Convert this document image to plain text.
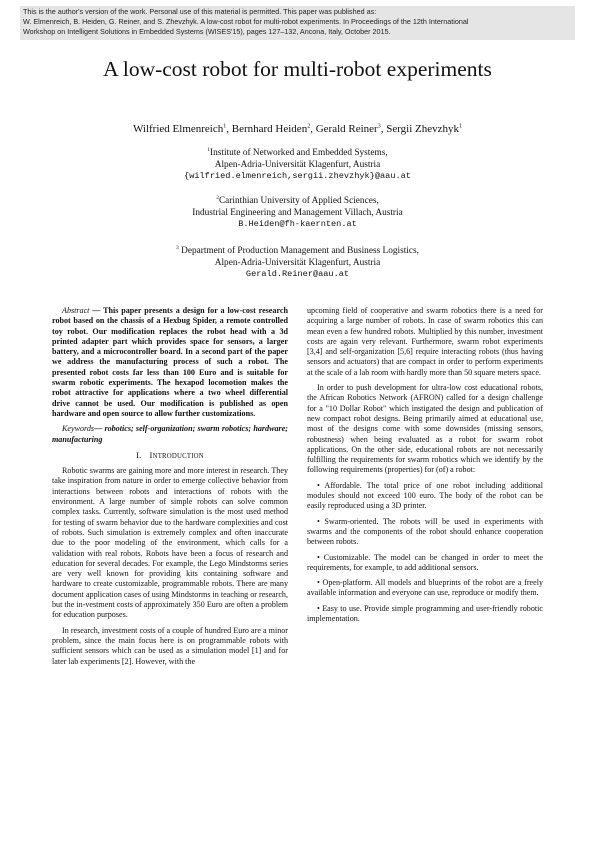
This is the author's version of the work. Personal use of this material is permitted. This paper was published as:
W. Elmenreich, B. Heiden, G. Reiner, and S. Zhevzhyk. A low-cost robot for multi-robot experiments. In Proceedings of the 12th International
Workshop on Intelligent Solutions in Embedded Systems (WISES'15), pages 127–132, Ancona, Italy, October 2015.
A low-cost robot for multi-robot experiments
Wilfried Elmenreich$^1$, Bernhard Heiden$^2$, Gerald Reiner$^3$, Sergii Zhevzhyk$^1$
$^1$Institute of Networked and Embedded Systems,
Alpen-Adria-Universität Klagenfurt, Austria
{wilfried.elmenreich,sergii.zhevzhyk}@aau.at
$^2$Carinthian University of Applied Sciences,
Industrial Engineering and Management Villach, Austria
B.Heiden@fh-kaernten.at
$^3$ Department of Production Management and Business Logistics,
Alpen-Adria-Universität Klagenfurt, Austria
Gerald.Reiner@aau.at

Abstract — This paper presents a design for a low-cost research robot based on the chassis of a Hexbug Spider, a remote controlled toy robot. Our modification replaces the robot head with a 3d printed adapter part which provides space for sensors, a larger battery, and a microcontroller board. In a second part of the paper we address the manufacturing process of such a robot. The presented robot costs far less than 100 Euro and is suitable for swarm robotic experiments. The hexapod locomotion makes the robot attractive for applications where a two wheel differential drive cannot be used. Our modification is published as open hardware and open source to allow further customizations.

Keywords— robotics; self-organization; swarm robotics; hardware; manufacturing

I. INTRODUCTION

Robotic swarms are gaining more and more interest in research. They take inspiration from nature in order to emerge collective behavior from interactions between robots and interactions of robots with the environment. A large number of simple robots can solve common complex tasks. Currently, software simulation is the most used method for testing of swarm behavior due to the hardware complexities and cost of robots. Such simulation is extremely complex and often inaccurate due to the poor modeling of the environment, which calls for a validation with real robots. Robots have been a focus of research and education for several decades. For example, the Lego Mindstorms series are very well known for providing kits containing software and hardware to create customizable, programmable robots. There are many document application cases of using Mindstorms in teaching or research, but the in-vestment costs of approximately 350 Euro are often a problem for education purposes.

In research, investment costs of a couple of hundred Euro are a minor problem, since the main focus here is on programmable robots with sufficient sensors which can be used as a simulation model [1] and for later lab experiments [2]. However, with the

upcoming field of cooperative and swarm robotics there is a need for acquiring a large number of robots. In case of swarm robotics this can mean even a few hundred robots. Multiplied by this number, investment costs are again very relevant. Furthermore, swarm robot experiments [3,4] and self-organization [5,6] require interacting robots (thus having sensors and actuators) that are compact in order to perform experiments at the scale of a lab room with hardly more than 50 square meters space.

In order to push development for ultra-low cost educational robots, the African Robotics Network (AFRON) called for a design challenge for a "10 Dollar Robot" which instigated the design and publication of new compact robot designs. Being primarily aimed at educational use, most of the designs come with some downsides (missing sensors, robustness) when being evaluated as a robot for swarm robot applications. On the other side, educational robots are not necessarily fulfilling the requirements for swarm robotics which we identify by the following requirements (properties) for (of) a robot:

• Affordable. The total price of one robot including additional modules should not exceed 100 euro. The body of the robot can be easily reproduced using a 3D printer.

• Swarm-oriented. The robots will be used in experiments with swarms and the components of the robot should enhance cooperation between robots.

• Customizable. The model can be changed in order to meet the requirements, for example, to add additional sensors.

• Open-platform. All models and blueprints of the robot are a freely available information and everyone can use, reproduce or modify them.

• Easy to use. Provide simple programming and user-friendly robotic implementation.
